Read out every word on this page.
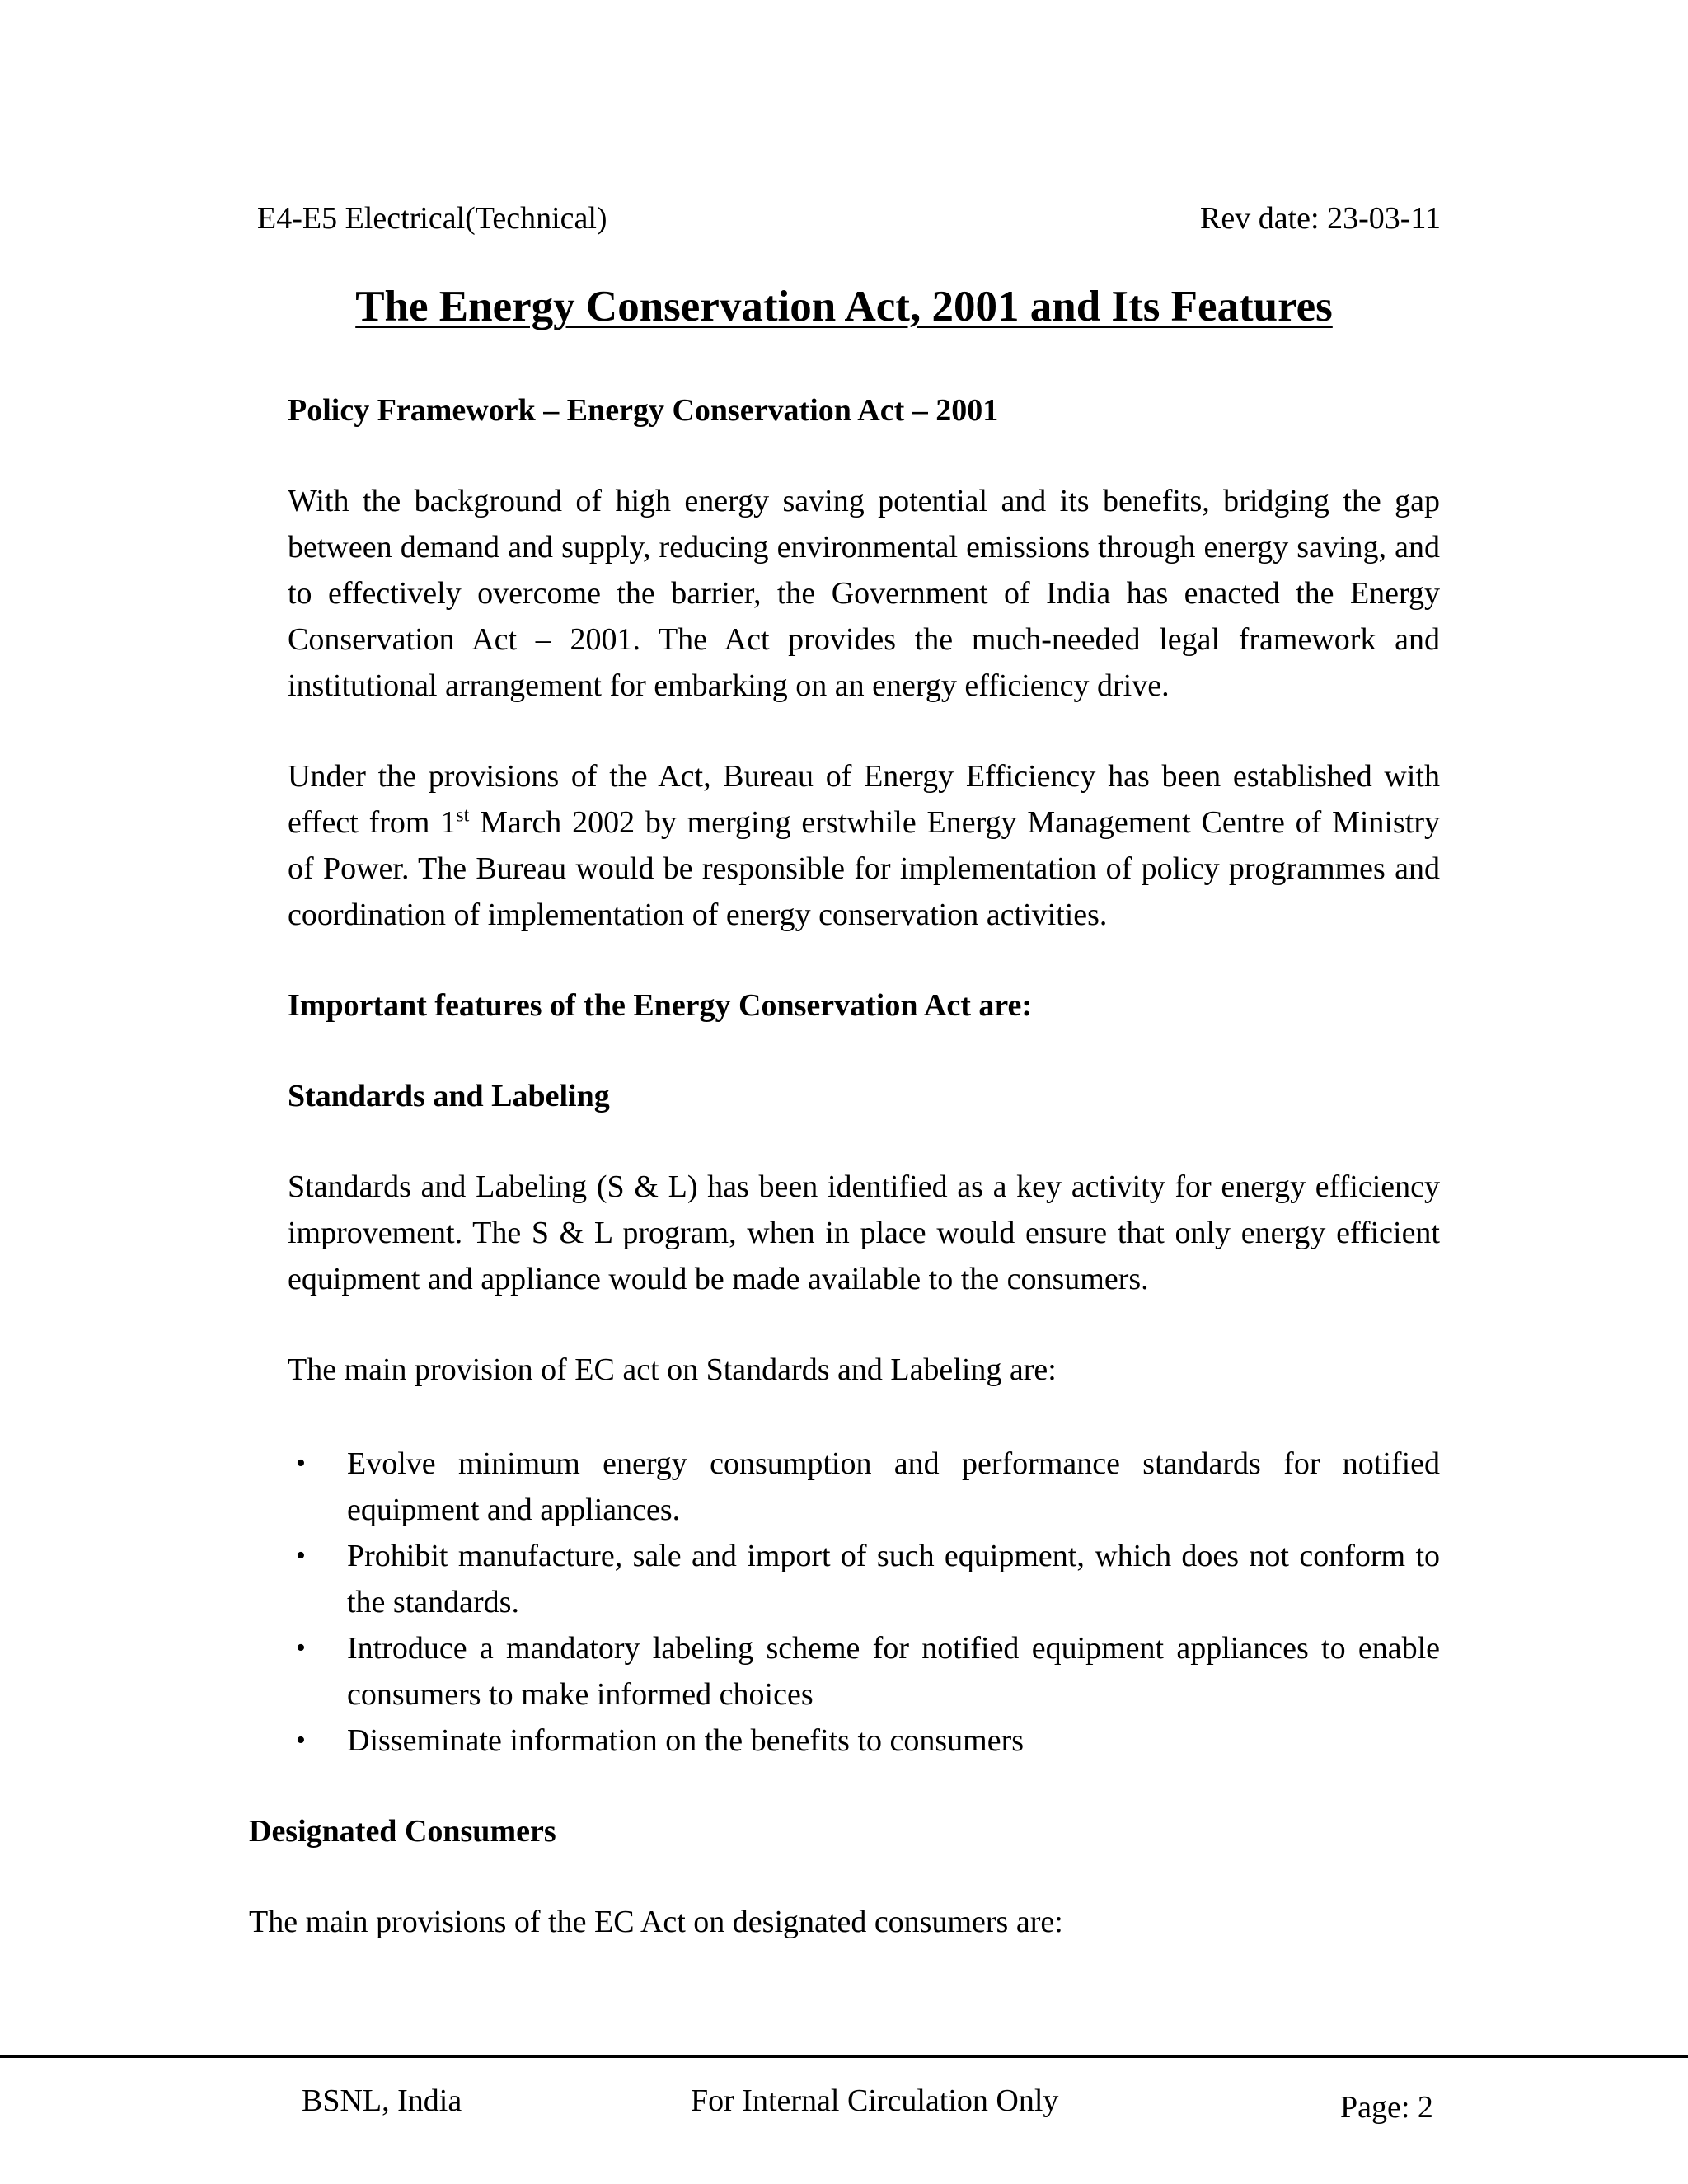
E4-E5 Electrical(Technical)	Rev date: 23-03-11
The Energy Conservation Act, 2001 and Its Features
Policy Framework – Energy Conservation Act – 2001

With the background of high energy saving potential and its benefits, bridging the gap between demand and supply, reducing environmental emissions through energy saving, and to effectively overcome the barrier, the Government of India has enacted the Energy Conservation Act – 2001. The Act provides the much-needed legal framework and institutional arrangement for embarking on an energy efficiency drive.

Under the provisions of the Act, Bureau of Energy Efficiency has been established with effect from 1st March 2002 by merging erstwhile Energy Management Centre of Ministry of Power. The Bureau would be responsible for implementation of policy programmes and coordination of implementation of energy conservation activities.

Important features of the Energy Conservation Act are:
Standards and Labeling

Standards and Labeling (S & L) has been identified as a key activity for energy efficiency improvement. The S & L program, when in place would ensure that only energy efficient equipment and appliance would be made available to the consumers.

The main provision of EC act on Standards and Labeling are:

• Evolve minimum energy consumption and performance standards for notified equipment and appliances.
• Prohibit manufacture, sale and import of such equipment, which does not conform to the standards.
• Introduce a mandatory labeling scheme for notified equipment appliances to enable consumers to make informed choices
• Disseminate information on the benefits to consumers
Designated Consumers

The main provisions of the EC Act on designated consumers are:

BSNL, India	For Internal Circulation Only	Page: 2
